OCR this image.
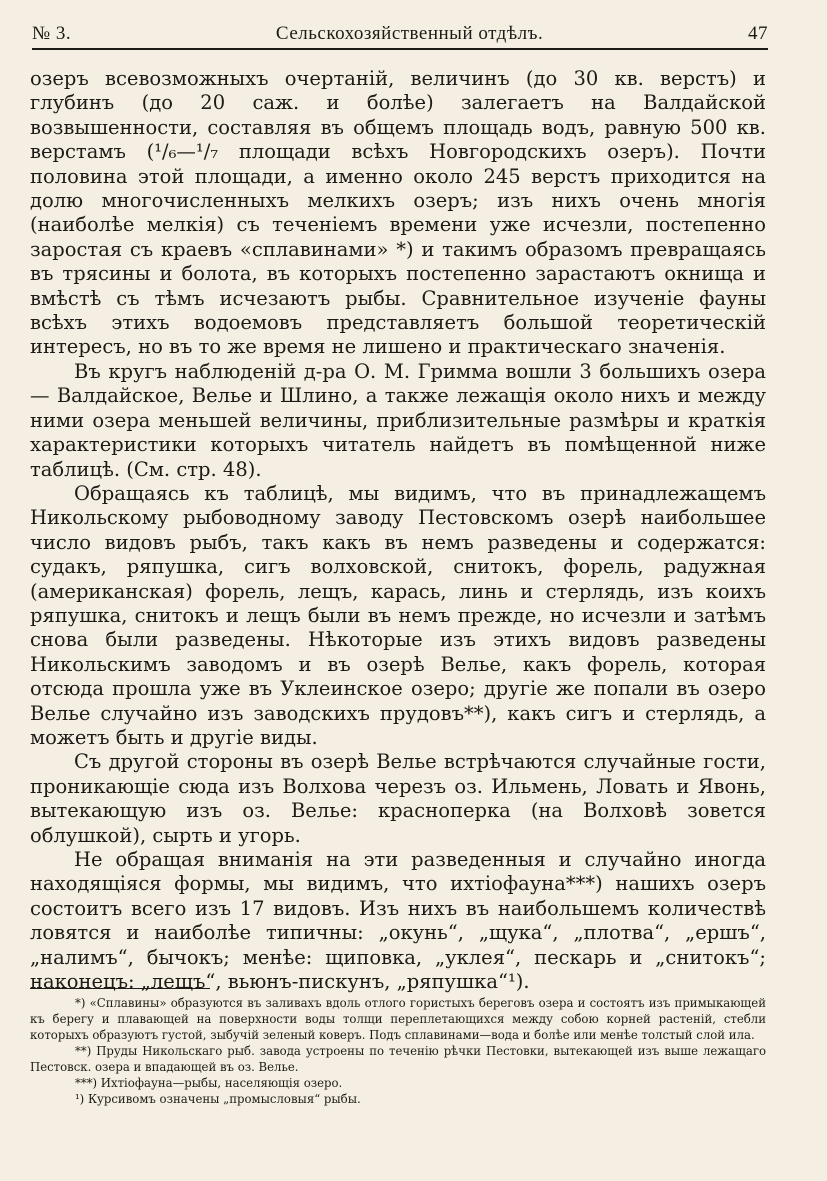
№ 3.	Сельскохозяйственный отдѣлъ.	47

озеръ всевозможныхъ очертаній, величинъ (до 30 кв. верстъ) и глубинъ (до 20 саж. и болѣе) залегаетъ на Валдайской возвышенности, составляя въ общемъ площадь водъ, равную 500 кв. верстамъ (¹/₆—¹/₇ площади всѣхъ Новгородскихъ озеръ). Почти половина этой площади, а именно около 245 верстъ приходится на долю многочисленныхъ мелкихъ озеръ; изъ нихъ очень многія (наиболѣе мелкія) съ теченіемъ времени уже исчезли, постепенно заростая съ краевъ «сплавинами» *) и такимъ образомъ превращаясь въ трясины и болота, въ которыхъ постепенно зарастаютъ окнища и вмѣстѣ съ тѣмъ исчезаютъ рыбы. Сравнительное изученіе фауны всѣхъ этихъ водоемовъ представляетъ большой теоретическій интересъ, но въ то же время не лишено и практическаго значенія.

Въ кругъ наблюденій д-ра О. М. Гримма вошли 3 большихъ озера— Валдайское, Велье и Шлино, а также лежащія около нихъ и между ними озера меньшей величины, приблизительные размѣры и краткія характеристики которыхъ читатель найдетъ въ помѣщенной ниже таблицѣ. (См. стр. 48).

Обращаясь къ таблицѣ, мы видимъ, что въ принадлежащемъ Никольскому рыбоводному заводу Пестовскомъ озерѣ наибольшее число видовъ рыбъ, такъ какъ въ немъ разведены и содержатся: судакъ, ряпушка, сигъ волховской, снитокъ, форель, радужная (американская) форель, лещъ, карась, линь и стерлядь, изъ коихъ ряпушка, снитокъ и лещъ были въ немъ прежде, но исчезли и затѣмъ снова были разведены. Нѣкоторые изъ этихъ видовъ разведены Никольскимъ заводомъ и въ озерѣ Велье, какъ форель, которая отсюда прошла уже въ Уклеинское озеро; другіе же попали въ озеро Велье случайно изъ заводскихъ прудовъ**), какъ сигъ и стерлядь, а можетъ быть и другіе виды.

Съ другой стороны въ озерѣ Велье встрѣчаются случайные гости, проникающіе сюда изъ Волхова черезъ оз. Ильмень, Ловать и Явонь, вытекающую изъ оз. Велье: красноперка (на Волховѣ зовется облушкой), сырть и угорь.

Не обращая вниманія на эти разведенныя и случайно иногда находящіяся формы, мы видимъ, что ихтіофауна***) нашихъ озеръ состоитъ всего изъ 17 видовъ. Изъ нихъ въ наибольшемъ количествѣ ловятся и наиболѣе типичны: „окунь“, „щука“, „плотва“, „ершъ“, „налимъ“, бычокъ; менѣе: щиповка, „уклея“, пескарь и „снитокъ“; наконецъ: „лещъ“, вьюнъ-пискунъ, „ряпушка“¹).

*) «Сплавины» образуются въ заливахъ вдоль отлого гористыхъ береговъ озера и состоятъ изъ примыкающей къ берегу и плавающей на поверхности воды толщи переплетающихся между собою корней растеній, стебли которыхъ образуютъ густой, зыбучій зеленый коверъ. Подъ сплавинами—вода и болѣе или менѣе толстый слой ила.

**) Пруды Никольскаго рыб. завода устроены по теченію рѣчки Пестовки, вытекающей изъ выше лежащаго Пестовск. озера и впадающей въ оз. Велье.

***) Ихтіофауна—рыбы, населяющія озеро.

¹) Курсивомъ означены „промысловыя“ рыбы.
